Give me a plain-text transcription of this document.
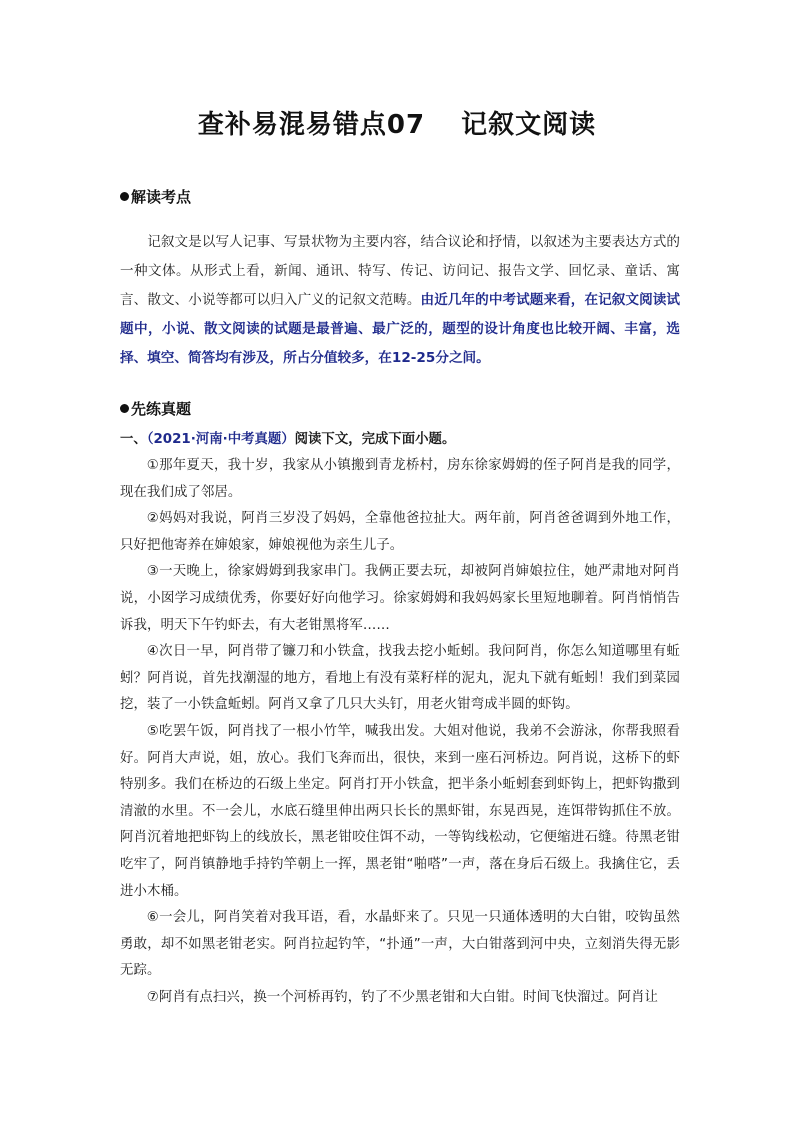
查补易混易错点07 记叙文阅读
解读考点
记叙文是以写人记事、写景状物为主要内容，结合议论和抒情，以叙述为主要表达方式的一种文体。从形式上看，新闻、通讯、特写、传记、访问记、报告文学、回忆录、童话、寓言、散文、小说等都可以归入广义的记叙文范畴。由近几年的中考试题来看，在记叙文阅读试题中，小说、散文阅读的试题是最普遍、最广泛的，题型的设计角度也比较开阔、丰富，选择、填空、简答均有涉及，所占分值较多，在12-25分之间。
先练真题
一、（2021·河南·中考真题）阅读下文，完成下面小题。

①那年夏天，我十岁，我家从小镇搬到青龙桥村，房东徐家姆姆的侄子阿肖是我的同学，现在我们成了邻居。

②妈妈对我说，阿肖三岁没了妈妈，全靠他爸拉扯大。两年前，阿肖爸爸调到外地工作，只好把他寄养在婶娘家，婶娘视他为亲生儿子。

③一天晚上，徐家姆姆到我家串门。我俩正要去玩，却被阿肖婶娘拉住，她严肃地对阿肖说，小囡学习成绩优秀，你要好好向他学习。徐家姆姆和我妈妈家长里短地聊着。阿肖悄悄告诉我，明天下午钓虾去，有大老钳黑将军……

④次日一早，阿肖带了镰刀和小铁盒，找我去挖小蚯蚓。我问阿肖，你怎么知道哪里有蚯蚓？阿肖说，首先找潮湿的地方，看地上有没有菜籽样的泥丸，泥丸下就有蚯蚓！我们到菜园挖，装了一小铁盒蚯蚓。阿肖又拿了几只大头钉，用老火钳弯成半圆的虾钩。

⑤吃罢午饭，阿肖找了一根小竹竿，喊我出发。大姐对他说，我弟不会游泳，你帮我照看好。阿肖大声说，姐，放心。我们飞奔而出，很快，来到一座石河桥边。阿肖说，这桥下的虾特别多。我们在桥边的石级上坐定。阿肖打开小铁盒，把半条小蚯蚓套到虾钩上，把虾钩撒到清澈的水里。不一会儿，水底石缝里伸出两只长长的黑虾钳，东晃西晃，连饵带钩抓住不放。阿肖沉着地把虾钩上的线放长，黑老钳咬住饵不动，一等钩线松动，它便缩进石缝。待黑老钳吃牢了，阿肖镇静地手持钓竿朝上一挥，黑老钳“啪嗒”一声，落在身后石级上。我擒住它，丢进小木桶。

⑥一会儿，阿肖笑着对我耳语，看，水晶虾来了。只见一只通体透明的大白钳，咬钩虽然勇敢，却不如黑老钳老实。阿肖拉起钓竿，“扑通”一声，大白钳落到河中央，立刻消失得无影无踪。

⑦阿肖有点扫兴，换一个河桥再钓，钓了不少黑老钳和大白钳。时间飞快溜过。阿肖让
